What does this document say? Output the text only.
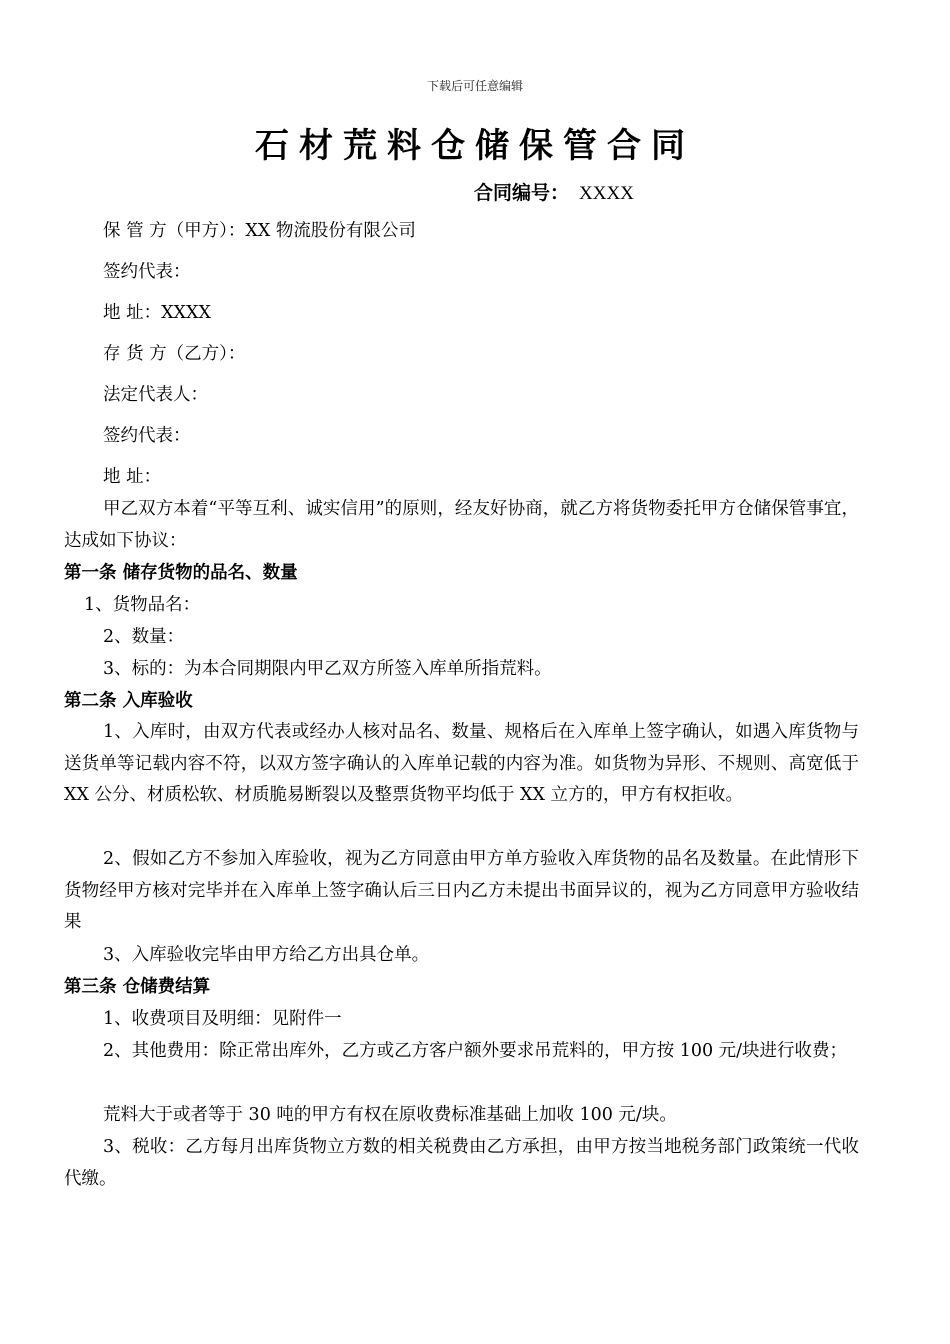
下载后可任意编辑
石材荒料仓储保管合同
合同编号： XXXX
保 管 方（甲方）：XX 物流股份有限公司
签约代表：
地 址：XXXX
存 货 方（乙方）：
法定代表人：
签约代表：
地 址：
甲乙双方本着“平等互利、诚实信用”的原则，经友好协商，就乙方将货物委托甲方仓储保管事宜，达成如下协议：
第一条 储存货物的品名、数量
1、货物品名：
2、数量：
3、标的：为本合同期限内甲乙双方所签入库单所指荒料。
第二条 入库验收
1、入库时，由双方代表或经办人核对品名、数量、规格后在入库单上签字确认，如遇入库货物与送货单等记载内容不符，以双方签字确认的入库单记载的内容为准。如货物为异形、不规则、高宽低于 XX 公分、材质松软、材质脆易断裂以及整票货物平均低于 XX 立方的，甲方有权拒收。
2、假如乙方不参加入库验收，视为乙方同意由甲方单方验收入库货物的品名及数量。在此情形下货物经甲方核对完毕并在入库单上签字确认后三日内乙方未提出书面异议的，视为乙方同意甲方验收结果
3、入库验收完毕由甲方给乙方出具仓单。
第三条 仓储费结算
1、收费项目及明细：见附件一
2、其他费用：除正常出库外，乙方或乙方客户额外要求吊荒料的，甲方按 100 元/块进行收费；
荒料大于或者等于 30 吨的甲方有权在原收费标准基础上加收 100 元/块。
3、税收：乙方每月出库货物立方数的相关税费由乙方承担，由甲方按当地税务部门政策统一代收代缴。
